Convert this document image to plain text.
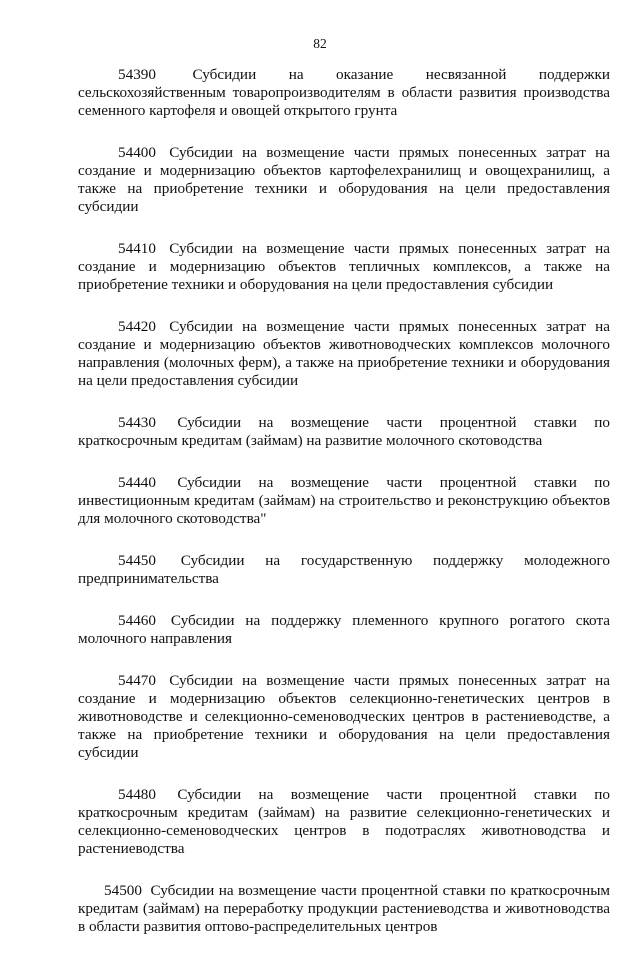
82

54390 Субсидии на оказание несвязанной поддержки сельскохозяйственным товаропроизводителям в области развития производства семенного картофеля и овощей открытого грунта

54400 Субсидии на возмещение части прямых понесенных затрат на создание и модернизацию объектов картофелехранилищ и овощехранилищ, а также на приобретение техники и оборудования на цели предоставления субсидии

54410 Субсидии на возмещение части прямых понесенных затрат на создание и модернизацию объектов тепличных комплексов, а также на приобретение техники и оборудования на цели предоставления субсидии

54420 Субсидии на возмещение части прямых понесенных затрат на создание и модернизацию объектов животноводческих комплексов молочного направления (молочных ферм), а также на приобретение техники и оборудования на цели предоставления субсидии

54430 Субсидии на возмещение части процентной ставки по краткосрочным кредитам (займам) на развитие молочного скотоводства

54440 Субсидии на возмещение части процентной ставки по инвестиционным кредитам (займам) на строительство и реконструкцию объектов для молочного скотоводства"

54450 Субсидии на государственную поддержку молодежного предпринимательства

54460 Субсидии на поддержку племенного крупного рогатого скота молочного направления

54470 Субсидии на возмещение части прямых понесенных затрат на создание и модернизацию объектов селекционно-генетических центров в животноводстве и селекционно-семеноводческих центров в растениеводстве, а также на приобретение техники и оборудования на цели предоставления субсидии

54480 Субсидии на возмещение части процентной ставки по краткосрочным кредитам (займам) на развитие селекционно-генетических и селекционно-семеноводческих центров в подотраслях животноводства и растениеводства

54500 Субсидии на возмещение части процентной ставки по краткосрочным кредитам (займам) на переработку продукции растениеводства и животноводства в области развития оптово-распределительных центров
